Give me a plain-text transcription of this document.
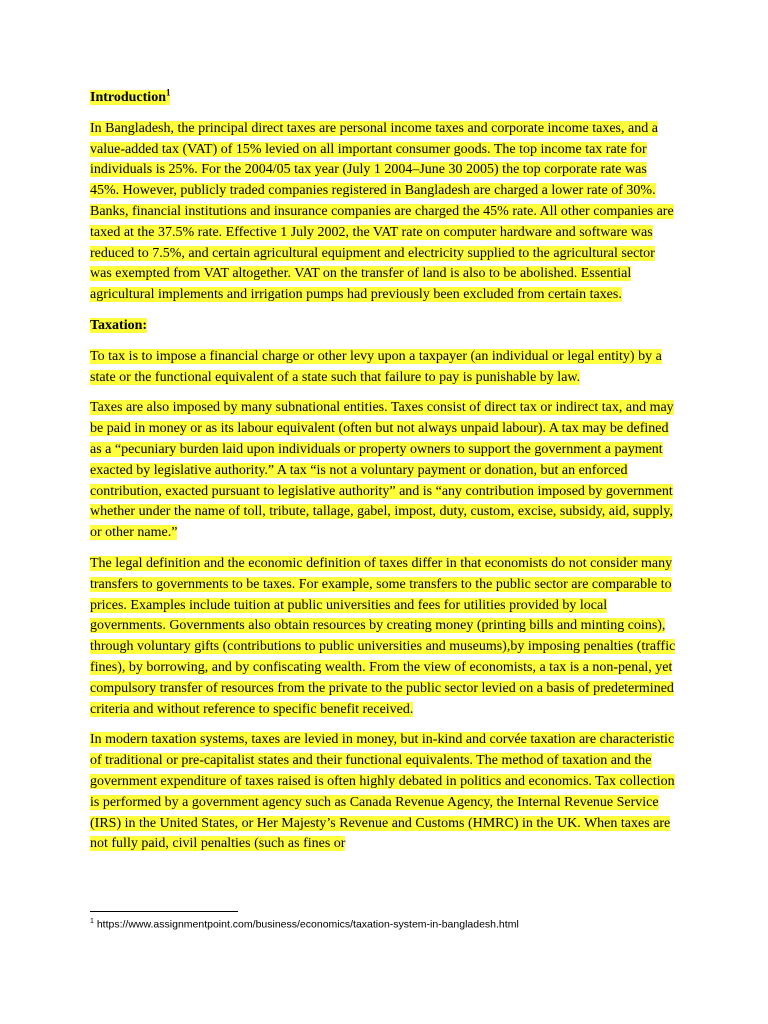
Introduction$^1$

In Bangladesh, the principal direct taxes are personal income taxes and corporate income taxes, and a value-added tax (VAT) of 15% levied on all important consumer goods. The top income tax rate for individuals is 25%. For the 2004/05 tax year (July 1 2004–June 30 2005) the top corporate rate was 45%. However, publicly traded companies registered in Bangladesh are charged a lower rate of 30%. Banks, financial institutions and insurance companies are charged the 45% rate. All other companies are taxed at the 37.5% rate. Effective 1 July 2002, the VAT rate on computer hardware and software was reduced to 7.5%, and certain agricultural equipment and electricity supplied to the agricultural sector was exempted from VAT altogether. VAT on the transfer of land is also to be abolished. Essential agricultural implements and irrigation pumps had previously been excluded from certain taxes.

Taxation:

To tax is to impose a financial charge or other levy upon a taxpayer (an individual or legal entity) by a state or the functional equivalent of a state such that failure to pay is punishable by law.

Taxes are also imposed by many subnational entities. Taxes consist of direct tax or indirect tax, and may be paid in money or as its labour equivalent (often but not always unpaid labour). A tax may be defined as a “pecuniary burden laid upon individuals or property owners to support the government a payment exacted by legislative authority.” A tax “is not a voluntary payment or donation, but an enforced contribution, exacted pursuant to legislative authority” and is “any contribution imposed by government whether under the name of toll, tribute, tallage, gabel, impost, duty, custom, excise, subsidy, aid, supply, or other name.”

The legal definition and the economic definition of taxes differ in that economists do not consider many transfers to governments to be taxes. For example, some transfers to the public sector are comparable to prices. Examples include tuition at public universities and fees for utilities provided by local governments. Governments also obtain resources by creating money (printing bills and minting coins), through voluntary gifts (contributions to public universities and museums),by imposing penalties (traffic fines), by borrowing, and by confiscating wealth. From the view of economists, a tax is a non-penal, yet compulsory transfer of resources from the private to the public sector levied on a basis of predetermined criteria and without reference to specific benefit received.

In modern taxation systems, taxes are levied in money, but in-kind and corvée taxation are characteristic of traditional or pre-capitalist states and their functional equivalents. The method of taxation and the government expenditure of taxes raised is often highly debated in politics and economics. Tax collection is performed by a government agency such as Canada Revenue Agency, the Internal Revenue Service (IRS) in the United States, or Her Majesty’s Revenue and Customs (HMRC) in the UK. When taxes are not fully paid, civil penalties (such as fines or

$^1$ https://www.assignmentpoint.com/business/economics/taxation-system-in-bangladesh.html
